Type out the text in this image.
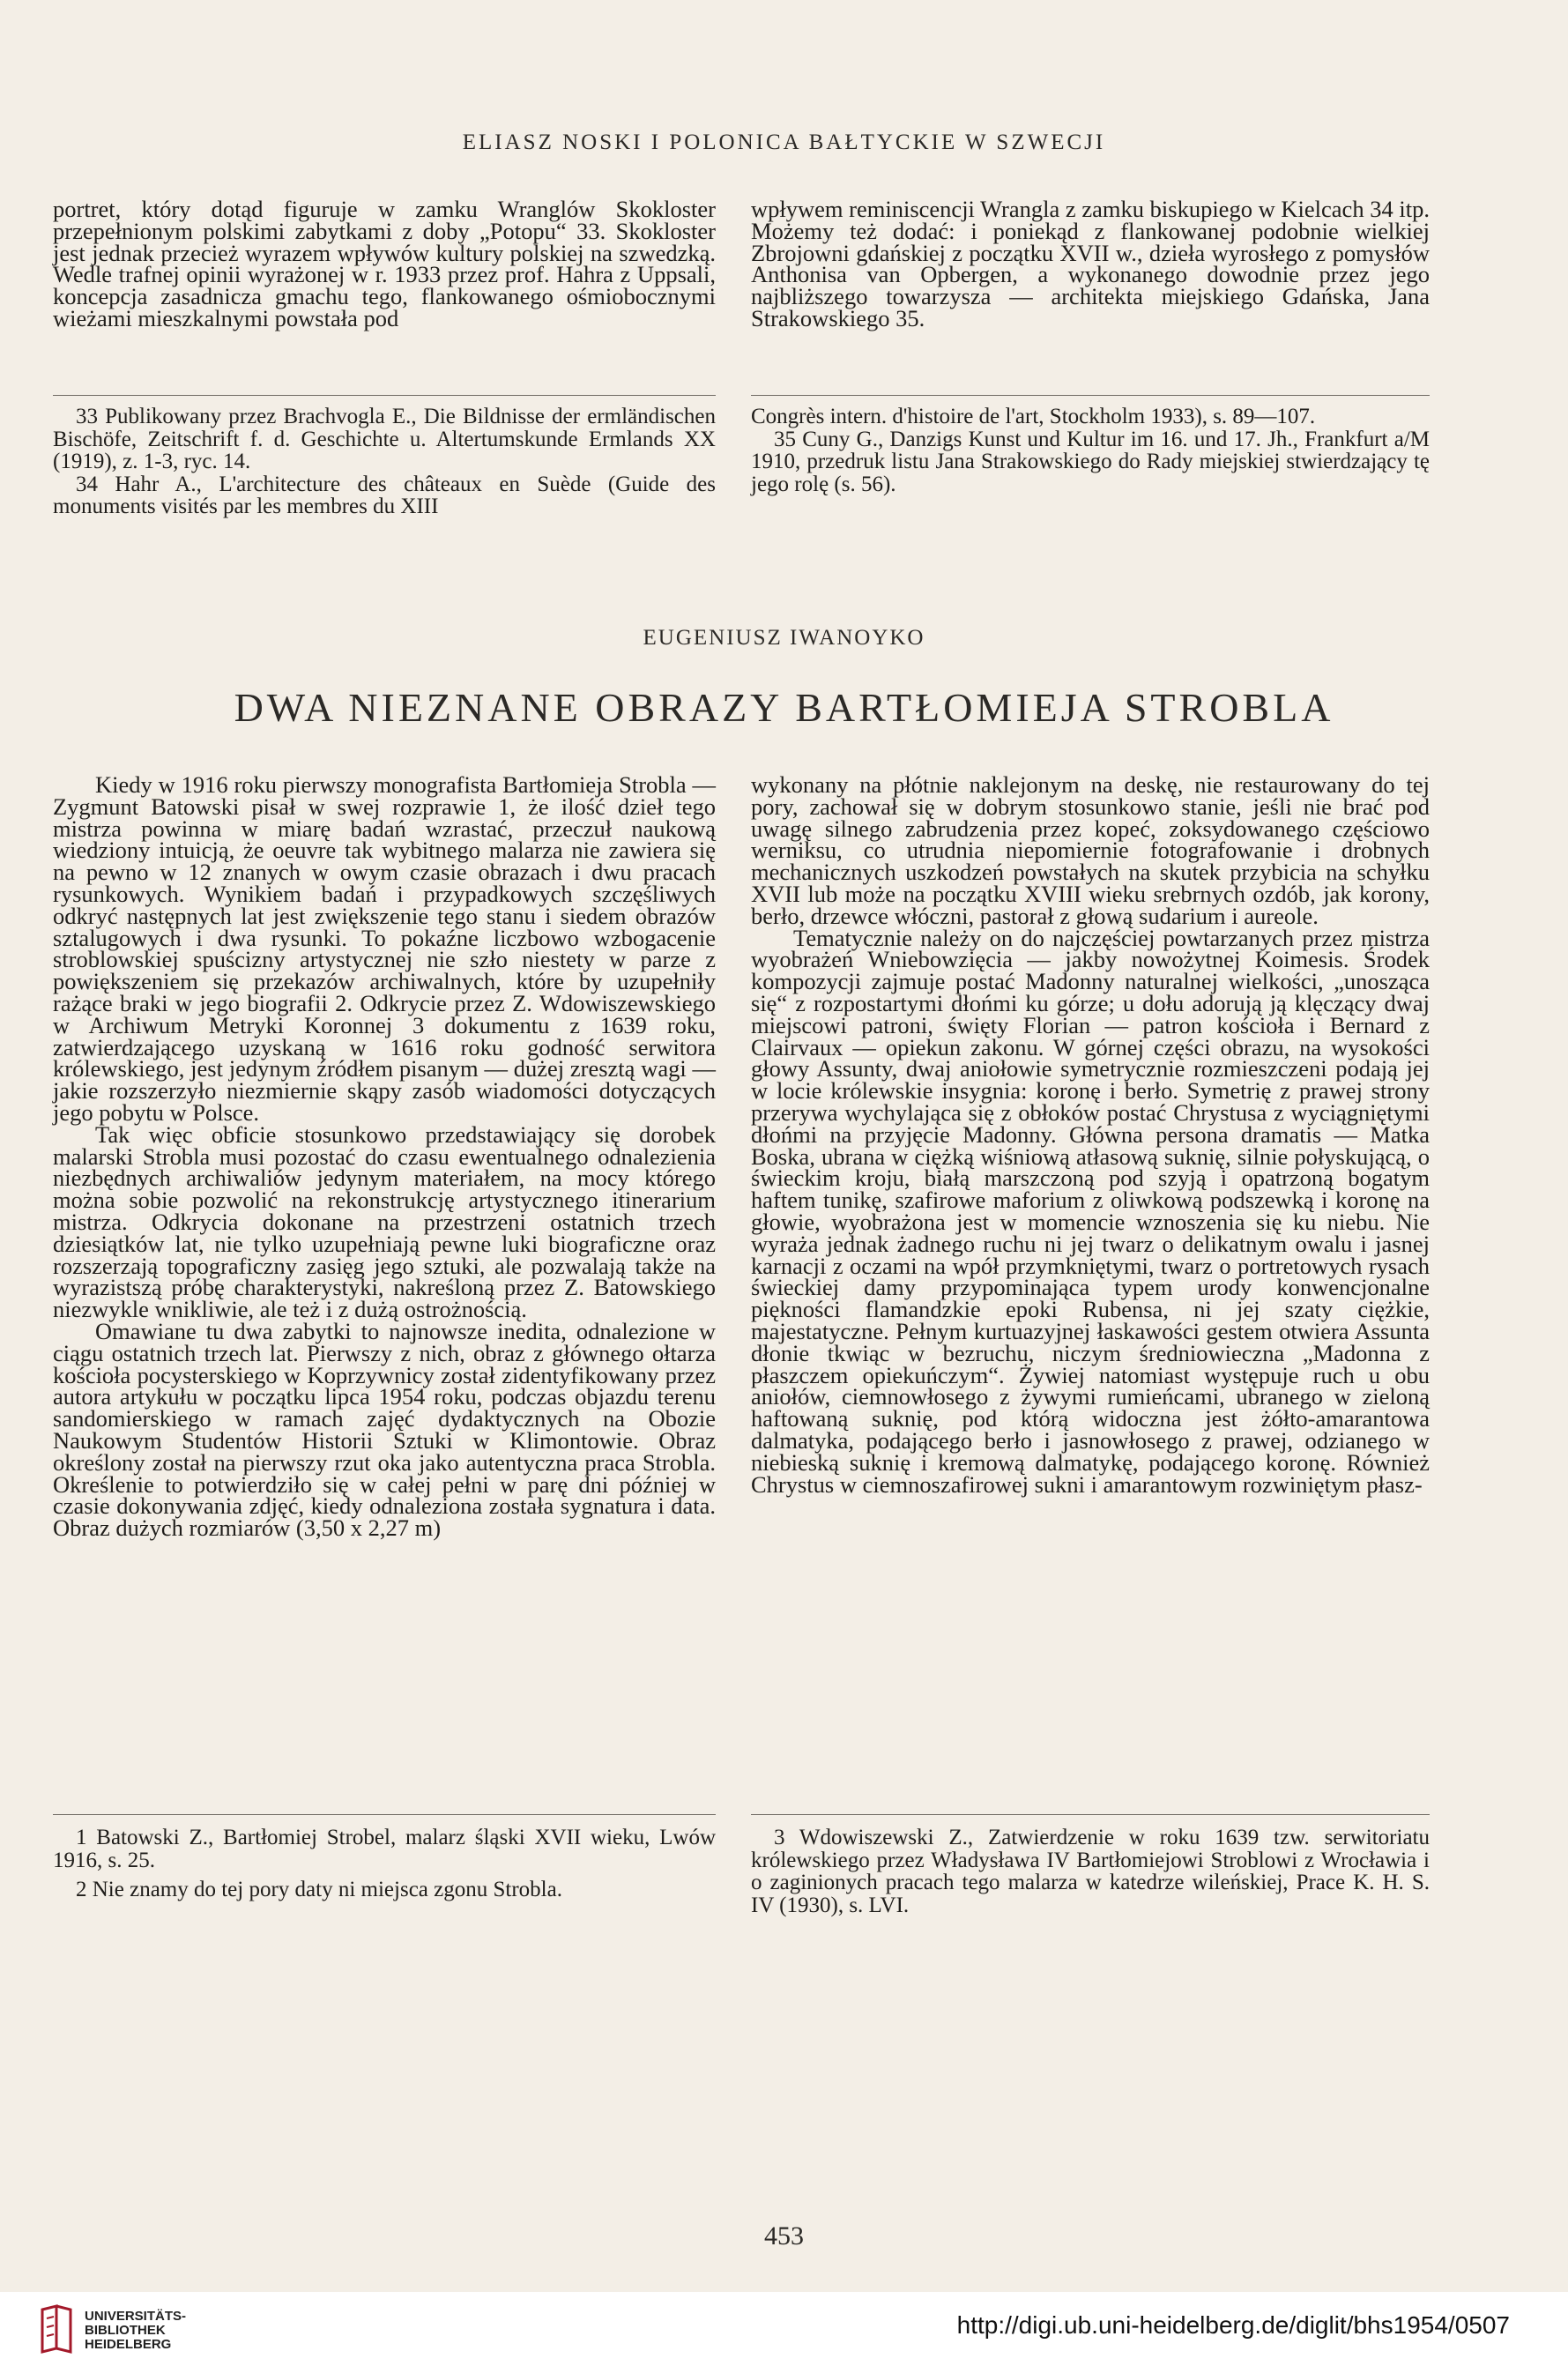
ELIASZ NOSKI I POLONICA BAŁTYCKIE W SZWECJI

portret, który dotąd figuruje w zamku Wranglów Skokloster przepełnionym polskimi zabytkami z doby „Potopu“ 33. Skokloster jest jednak przecież wyrazem wpływów kultury polskiej na szwedzką. Wedle trafnej opinii wyrażonej w r. 1933 przez prof. Hahra z Uppsali, koncepcja zasadnicza gmachu tego, flankowanego ośmiobocznymi wieżami mieszkalnymi powstała pod

wpływem reminiscencji Wrangla z zamku biskupiego w Kielcach 34 itp. Możemy też dodać: i poniekąd z flankowanej podobnie wielkiej Zbrojowni gdańskiej z początku XVII w., dzieła wyrosłego z pomysłów Anthonisa van Opbergen, a wykonanego dowodnie przez jego najbliższego towarzysza — architekta miejskiego Gdańska, Jana Strakowskiego 35.

33 Publikowany przez Brachvogla E., Die Bildnisse der ermländischen Bischöfe, Zeitschrift f. d. Geschichte u. Altertumskunde Ermlands XX (1919), z. 1-3, ryc. 14.

34 Hahr A., L'architecture des châteaux en Suède (Guide des monuments visités par les membres du XIII

Congrès intern. d'histoire de l'art, Stockholm 1933), s. 89—107.

35 Cuny G., Danzigs Kunst und Kultur im 16. und 17. Jh., Frankfurt a/M 1910, przedruk listu Jana Strakowskiego do Rady miejskiej stwierdzający tę jego rolę (s. 56).

EUGENIUSZ IWANOYKO
DWA NIEZNANE OBRAZY BARTŁOMIEJA STROBLA

Kiedy w 1916 roku pierwszy monografista Bartłomieja Strobla — Zygmunt Batowski pisał w swej rozprawie 1, że ilość dzieł tego mistrza powinna w miarę badań wzrastać, przeczuł naukową wiedziony intuicją, że oeuvre tak wybitnego malarza nie zawiera się na pewno w 12 znanych w owym czasie obrazach i dwu pracach rysunkowych. Wynikiem badań i przypadkowych szczęśliwych odkryć następnych lat jest zwiększenie tego stanu i siedem obrazów sztalugowych i dwa rysunki. To pokaźne liczbowo wzbogacenie stroblowskiej spuścizny artystycznej nie szło niestety w parze z powiększeniem się przekazów archiwalnych, które by uzupełniły rażące braki w jego biografii 2. Odkrycie przez Z. Wdowiszewskiego w Archiwum Metryki Koronnej 3 dokumentu z 1639 roku, zatwierdzającego uzyskaną w 1616 roku godność serwitora królewskiego, jest jedynym źródłem pisanym — dużej zresztą wagi — jakie rozszerzyło niezmiernie skąpy zasób wiadomości dotyczących jego pobytu w Polsce.

Tak więc obficie stosunkowo przedstawiający się dorobek malarski Strobla musi pozostać do czasu ewentualnego odnalezienia niezbędnych archiwaliów jedynym materiałem, na mocy którego można sobie pozwolić na rekonstrukcję artystycznego itinerarium mistrza. Odkrycia dokonane na przestrzeni ostatnich trzech dziesiątków lat, nie tylko uzupełniają pewne luki biograficzne oraz rozszerzają topograficzny zasięg jego sztuki, ale pozwalają także na wyrazistszą próbę charakterystyki, nakreśloną przez Z. Batowskiego niezwykle wnikliwie, ale też i z dużą ostrożnością.

Omawiane tu dwa zabytki to najnowsze inedita, odnalezione w ciągu ostatnich trzech lat. Pierwszy z nich, obraz z głównego ołtarza kościoła pocysterskiego w Koprzywnicy został zidentyfikowany przez autora artykułu w początku lipca 1954 roku, podczas objazdu terenu sandomierskiego w ramach zajęć dydaktycznych na Obozie Naukowym Studentów Historii Sztuki w Klimontowie. Obraz określony został na pierwszy rzut oka jako autentyczna praca Strobla. Określenie to potwierdziło się w całej pełni w parę dni później w czasie dokonywania zdjęć, kiedy odnaleziona została sygnatura i data. Obraz dużych rozmiarów (3,50 x 2,27 m)

wykonany na płótnie naklejonym na deskę, nie restaurowany do tej pory, zachował się w dobrym stosunkowo stanie, jeśli nie brać pod uwagę silnego zabrudzenia przez kopeć, zoksydowanego częściowo werniksu, co utrudnia niepomiernie fotografowanie i drobnych mechanicznych uszkodzeń powstałych na skutek przybicia na schyłku XVII lub może na początku XVIII wieku srebrnych ozdób, jak korony, berło, drzewce włóczni, pastorał z głową sudarium i aureole.

Tematycznie należy on do najczęściej powtarzanych przez mistrza wyobrażeń Wniebowzięcia — jakby nowożytnej Koimesis. Środek kompozycji zajmuje postać Madonny naturalnej wielkości, „unosząca się“ z rozpostartymi dłońmi ku górze; u dołu adorują ją klęczący dwaj miejscowi patroni, święty Florian — patron kościoła i Bernard z Clairvaux — opiekun zakonu. W górnej części obrazu, na wysokości głowy Assunty, dwaj aniołowie symetrycznie rozmieszczeni podają jej w locie królewskie insygnia: koronę i berło. Symetrię z prawej strony przerywa wychylająca się z obłoków postać Chrystusa z wyciągniętymi dłońmi na przyjęcie Madonny. Główna persona dramatis — Matka Boska, ubrana w ciężką wiśniową atłasową suknię, silnie połyskującą, o świeckim kroju, białą marszczoną pod szyją i opatrzoną bogatym haftem tunikę, szafirowe maforium z oliwkową podszewką i koronę na głowie, wyobrażona jest w momencie wznoszenia się ku niebu. Nie wyraża jednak żadnego ruchu ni jej twarz o delikatnym owalu i jasnej karnacji z oczami na wpół przymkniętymi, twarz o portretowych rysach świeckiej damy przypominająca typem urody konwencjonalne piękności flamandzkie epoki Rubensa, ni jej szaty ciężkie, majestatyczne. Pełnym kurtuazyjnej łaskawości gestem otwiera Assunta dłonie tkwiąc w bezruchu, niczym średniowieczna „Madonna z płaszczem opiekuńczym“. Żywiej natomiast występuje ruch u obu aniołów, ciemnowłosego z żywymi rumieńcami, ubranego w zieloną haftowaną suknię, pod którą widoczna jest żółto-amarantowa dalmatyka, podającego berło i jasnowłosego z prawej, odzianego w niebieską suknię i kremową dalmatykę, podającego koronę. Również Chrystus w ciemnoszafirowej sukni i amarantowym rozwiniętym płasz-

1 Batowski Z., Bartłomiej Strobel, malarz śląski XVII wieku, Lwów 1916, s. 25.

2 Nie znamy do tej pory daty ni miejsca zgonu Strobla.

3 Wdowiszewski Z., Zatwierdzenie w roku 1639 tzw. serwitoriatu królewskiego przez Władysława IV Bartłomiejowi Stroblowi z Wrocławia i o zaginionych pracach tego malarza w katedrze wileńskiej, Prace K. H. S. IV (1930), s. LVI.

453
UNIVERSITÄTS-
BIBLIOTHEK
HEIDELBERG
http://digi.ub.uni-heidelberg.de/diglit/bhs1954/0507
